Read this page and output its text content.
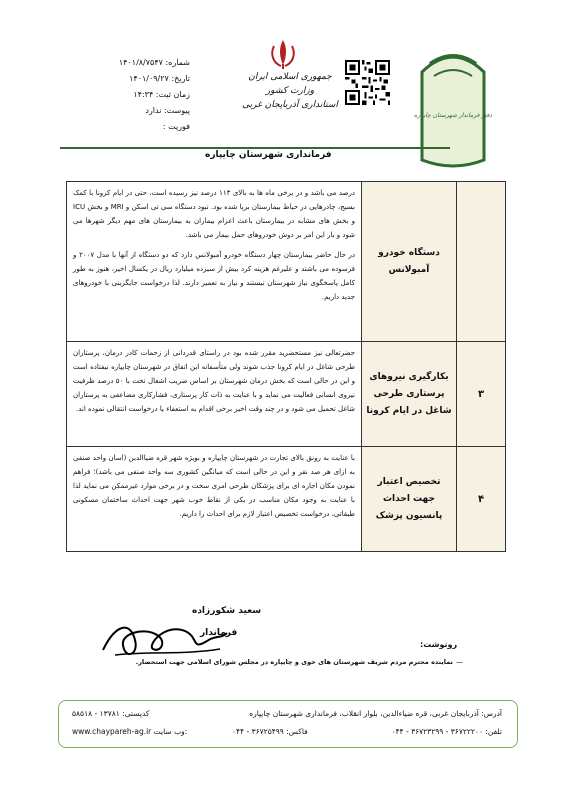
شماره: ۱۴۰۱/۸/۷۵۴۷
تاریخ: ۱۴۰۱/۰۹/۲۷
زمان ثبت: ۱۴:۳۴
پیوست: ندارد
فوریت :
جمهوری اسلامی ایران
وزارت کشور
استانداری آذربایجان غربی
دفتر فرماندار شهرستان چایپاره
فرمانداری شهرستان چایپاره
	دستگاه خودرو آمبولانس	درصد می باشد و در برخی ماه ها به بالای ۱۱۳ درصد نیز رسیده است، حتی در ایام کرونا با کمک بسیج، چادرهایی در حیاط بیمارستان برپا شده بود. نبود دستگاه سی تی اسکن و MRI و بخش ICU و بخش های مشابه در بیمارستان باعث اعزام بیماران به بیمارستان های مهم دیگر شهرها می شود و بار این امر بر دوش خودروهای حمل بیمار می باشد.

در حال حاضر بیمارستان چهار دستگاه خودرو آمبولانس دارد که دو دستگاه از آنها با مدل ۲۰۰۷ و فرسوده می باشند و علیرغم هزینه کرد بیش از سیزده میلیارد ریال در یکسال اخیر، هنوز به طور کامل پاسخگوی نیاز شهرستان نیستند و نیاز به تعمیر دارند. لذا درخواست جایگزینی با خودروهای جدید داریم.

۳	بکارگیری نیروهای پرستاری طرحی شاغل در ایام کرونا	حضرتعالی نیز مستحضرید مقرر شده بود در راستای قدردانی از زحمات کادر درمان، پرستاران طرحی شاغل در ایام کرونا جذب شوند ولی متأسفانه این اتفاق در شهرستان چایپاره نیفتاده است و این در حالی است که بخش درمان شهرستان بر اساس ضریب اشغال تخت با ۵۰ درصد ظرفیت نیروی انسانی فعالیت می نماید و با عنایت به ذات کار پرستاری، فشارکاری مضاعفی به پرستاران شاغل تحمیل می شود و در چند وقت اخیر برخی اقدام به استعفاء یا درخواست انتقالی نموده اند.

۴	تخصیص اعتبار جهت احداث پانسیون پزشک	با عنایت به رونق بالای تجارت در شهرستان چایپاره و بویژه شهر قره ضیاالدین (اسان واحد صنفی به ازای هر صد نفر و این در حالی است که میانگین کشوری سه واحد صنفی می باشد)؛ فراهم نمودن مکان اجاره ای برای پزشکان طرحی امری سخت و در برخی موارد غیرممکن می نماید لذا با عنایت به وجود مکان مناسب در یکی از نقاط خوب شهر جهت احداث ساختمان مسکونی طبقاتی، درخواست تخصیص اعتبار لازم برای احداث را داریم.

سعید شکورزاده
فرماندار
رونوشت:
—
نماینده محترم مردم شریف شهرستان های خوی و چایپاره در مجلس شورای اسلامی جهت استحضار.
آدرس: آذربایجان غربی، قره ضیاءالدین، بلوار انقلاب، فرمانداری شهرستان چایپاره
کدپستی: ۱۳۷۸۱ - ۵۸۵۱۸
تلفن: ۳۶۷۲۲۲۰۰ - ۳۶۷۲۳۲۹۹ - ۰۴۴
فاکس: ۳۶۷۲۵۴۹۹ - ۰۴۴
www.chaypareh-ag.ir وب سایت:
